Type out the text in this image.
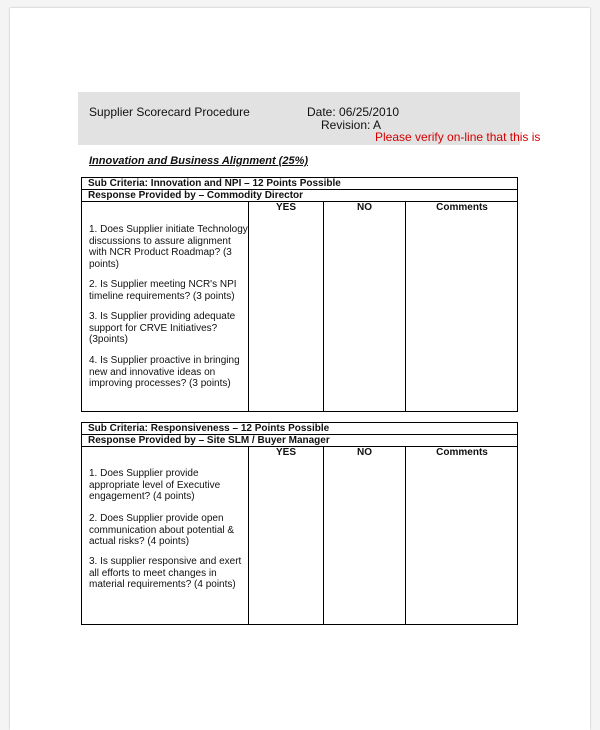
Supplier Scorecard Procedure	Date: 06/25/2010
Revision: A
Please verify on-line that this is
Innovation and Business Alignment (25%)
Sub Criteria: Innovation and NPI – 12 Points Possible
Response Provided by – Commodity Director
YES	NO	Comments
1. Does Supplier initiate Technology discussions to assure alignment with NCR Product Roadmap? (3 points)
2. Is Supplier meeting NCR's NPI timeline requirements? (3 points)
3. Is Supplier providing adequate support for CRVE Initiatives? (3points)
4. Is Supplier proactive in bringing new and innovative ideas on improving processes? (3 points)
Sub Criteria: Responsiveness – 12 Points Possible
Response Provided by – Site SLM / Buyer Manager
YES	NO	Comments
1. Does Supplier provide appropriate level of Executive engagement? (4 points)
2. Does Supplier provide open communication about potential & actual risks? (4 points)
3. Is supplier responsive and exert all efforts to meet changes in material requirements? (4 points)
